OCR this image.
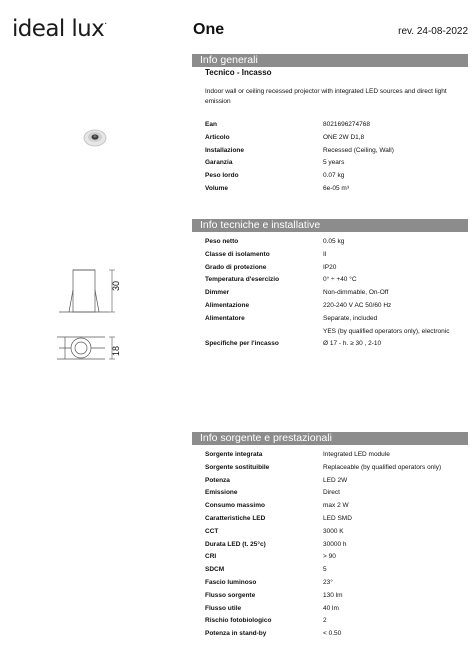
ideal lux.	One	rev. 24-08-2022
Info generali
Tecnico - Incasso
Indoor wall or ceiling recessed projector with integrated LED sources and direct light emission
Ean	8021696274768
Articolo	ONE 2W D1,8
Installazione	Recessed (Ceiling, Wall)
Garanzia	5 years
Peso lordo	0.07 kg
Volume	6e-05 m³
Info tecniche e installative
Peso netto	0.05 kg
Classe di isolamento	II
Grado di protezione	IP20
Temperatura d'esercizio	0° ÷ +40 °C
Dimmer	Non-dimmable, On-Off
Alimentazione	220-240 V AC 50/60 Hz
Alimentatore	Separate, included
YES (by qualified operators only), electronic
Specifiche per l'incasso	Ø 17 - h. ≥ 30 , 2-10
Info sorgente e prestazionali
Sorgente integrata	Integrated LED module
Sorgente sostituibile	Replaceable (by qualified operators only)
Potenza	LED 2W
Emissione	Direct
Consumo massimo	max 2 W
Caratteristiche LED	LED SMD
CCT	3000 K
Durata LED (t. 25°c)	30000 h
CRI	> 90
SDCM	5
Fascio luminoso	23°
Flusso sorgente	130 lm
Flusso utile	40 lm
Rischio fotobiologico	2
Potenza in stand-by	< 0.50
30
18
